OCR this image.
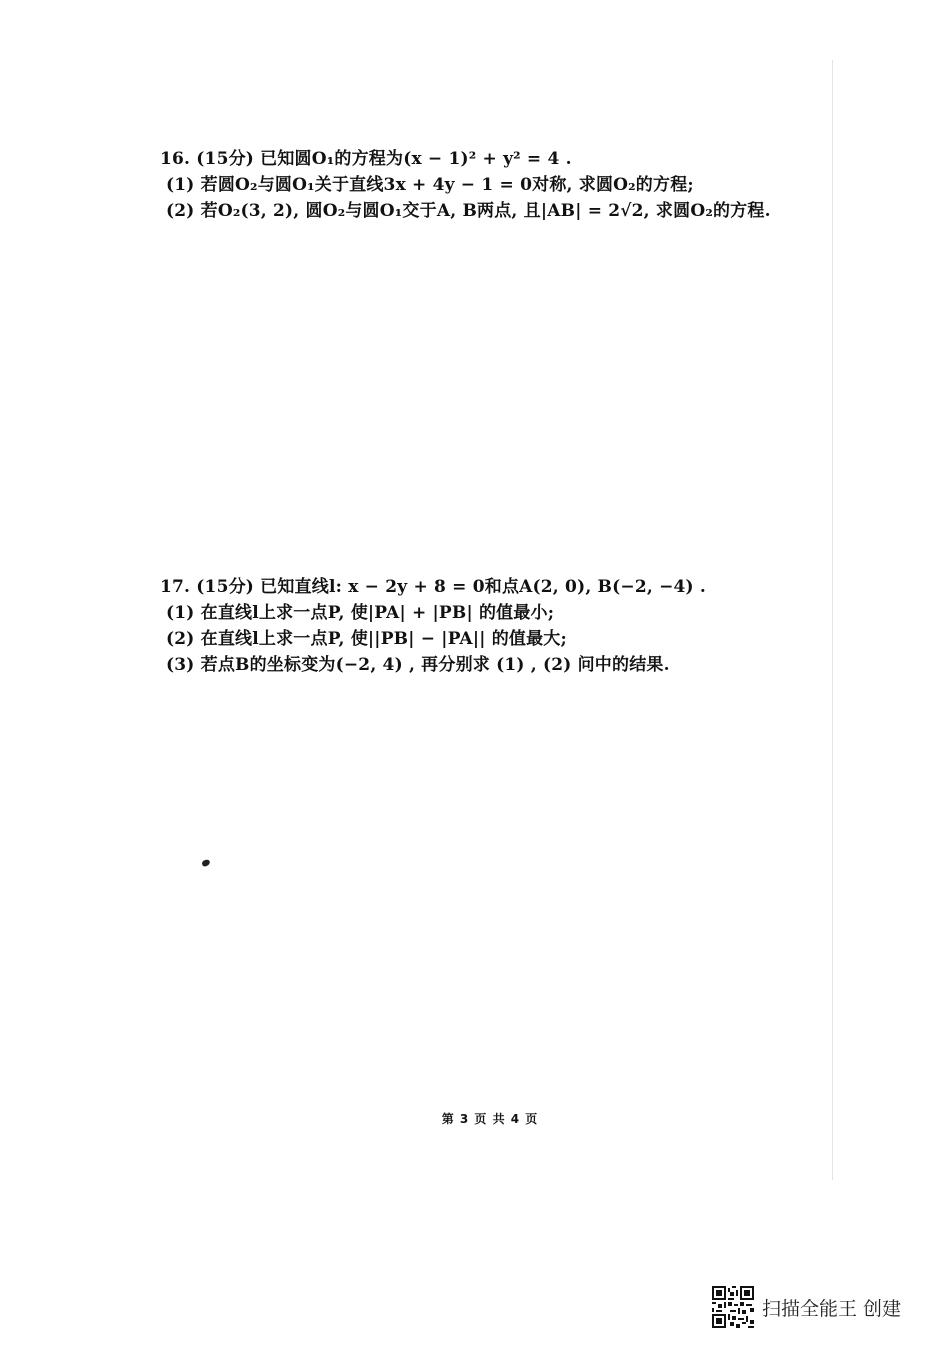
16. (15分) 已知圆O₁的方程为(x − 1)² + y² = 4 .
(1) 若圆O₂与圆O₁关于直线3x + 4y − 1 = 0对称, 求圆O₂的方程;
(2) 若O₂(3, 2), 圆O₂与圆O₁交于A, B两点, 且|AB| = 2√2, 求圆O₂的方程.
17. (15分) 已知直线l: x − 2y + 8 = 0和点A(2, 0), B(−2, −4) .
(1) 在直线l上求一点P, 使|PA| + |PB| 的值最小;
(2) 在直线l上求一点P, 使||PB| − |PA|| 的值最大;
(3) 若点B的坐标变为(−2, 4) , 再分别求 (1) , (2) 问中的结果.
第 3 页 共 4 页
扫描全能王 创建
